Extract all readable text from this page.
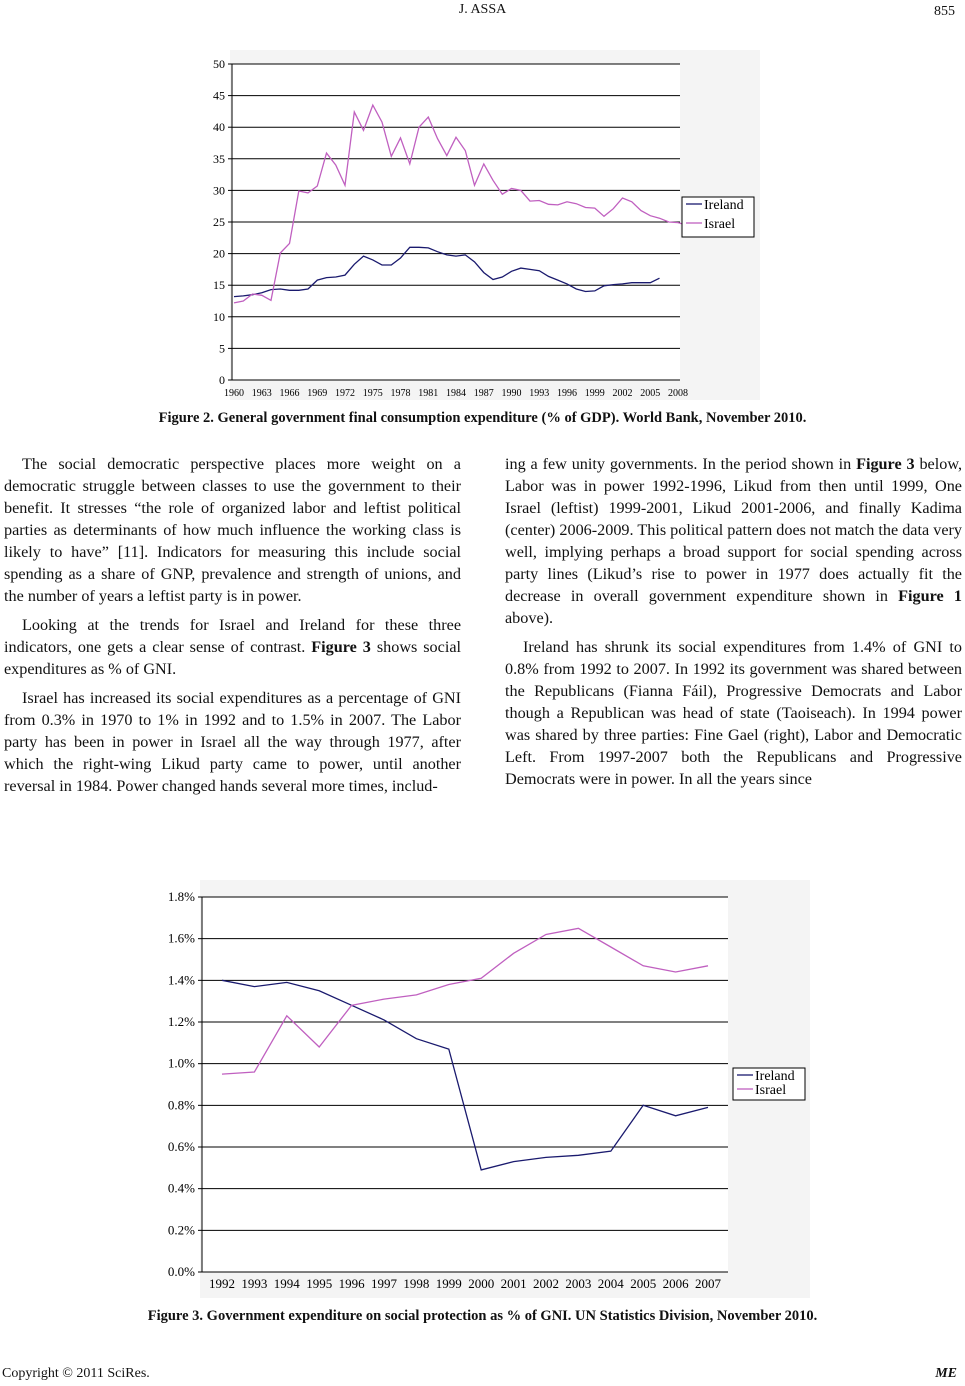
J. ASSA	855
0
5
10
15
20
25
30
35
40
45
50
1960 1963 1966 1969 1972 1975 1978 1981 1984 1987 1990 1993 1996 1999 2002 2005 2008
Ireland
Israel
Figure 2. General government final consumption expenditure (% of GDP). World Bank, November 2010.

The social democratic perspective places more weight on a democratic struggle between classes to use the government to their benefit. It stresses “the role of organized labor and leftist political parties as determinants of how much influence the working class is likely to have” [11]. Indicators for measuring this include social spending as a share of GNP, prevalence and strength of unions, and the number of years a leftist party is in power.

Looking at the trends for Israel and Ireland for these three indicators, one gets a clear sense of contrast. Figure 3 shows social expenditures as % of GNI.

Israel has increased its social expenditures as a percentage of GNI from 0.3% in 1970 to 1% in 1992 and to 1.5% in 2007. The Labor party has been in power in Israel all the way through 1977, after which the right-wing Likud party came to power, until another reversal in 1984. Power changed hands several more times, includ-

ing a few unity governments. In the period shown in Figure 3 below, Labor was in power 1992-1996, Likud from then until 1999, One Israel (leftist) 1999-2001, Likud 2001-2006, and finally Kadima (center) 2006-2009. This political pattern does not match the data very well, implying perhaps a broad support for social spending across party lines (Likud’s rise to power in 1977 does actually fit the decrease in overall government expenditure shown in Figure 1 above).

Ireland has shrunk its social expenditures from 1.4% of GNI to 0.8% from 1992 to 2007. In 1992 its government was shared between the Republicans (Fianna Fáil), Progressive Democrats and Labor though a Republican was head of state (Taoiseach). In 1994 power was shared by three parties: Fine Gael (right), Labor and Democratic Left. From 1997-2007 both the Republicans and Progressive Democrats were in power. In all the years since

0.0%
0.2%
0.4%
0.6%
0.8%
1.0%
1.2%
1.4%
1.6%
1.8%
1992 1993 1994 1995 1996 1997 1998 1999 2000 2001 2002 2003 2004 2005 2006 2007
Ireland
Israel
Figure 3. Government expenditure on social protection as % of GNI. UN Statistics Division, November 2010.
Copyright © 2011 SciRes.	ME
